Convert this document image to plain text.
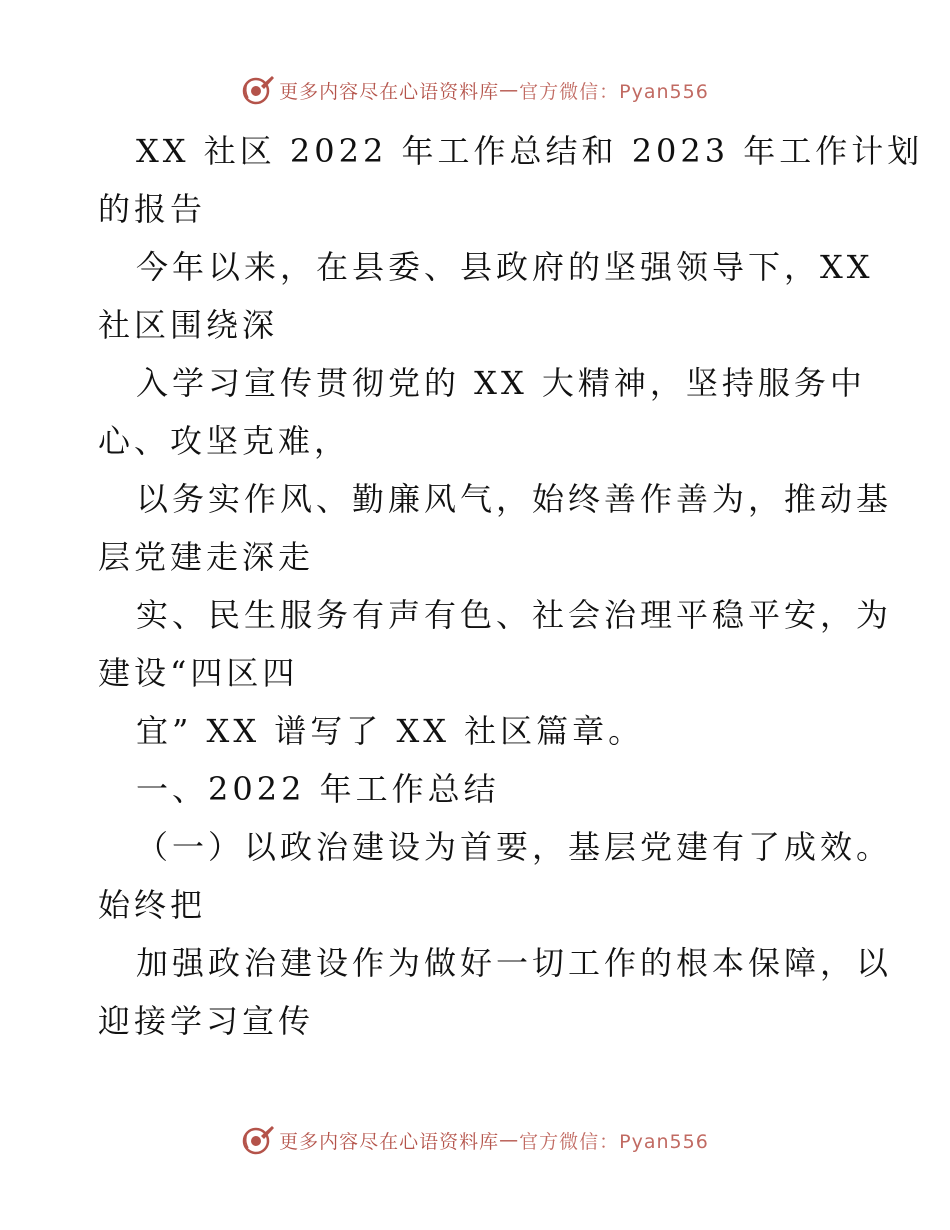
更多内容尽在心语资料库 — 官方微信：Pyan556
XX 社区 2022 年工作总结和 2023 年工作计划
的报告
今年以来，在县委、县政府的坚强领导下，XX
社区围绕深
入学习宣传贯彻党的 XX 大精神，坚持服务中
心、攻坚克难，
以务实作风、勤廉风气，始终善作善为，推动基
层党建走深走
实、民生服务有声有色、社会治理平稳平安，为
建设“四区四
宜” XX 谱写了 XX 社区篇章。
一、2022 年工作总结
（一）以政治建设为首要，基层党建有了成效。
始终把
加强政治建设作为做好一切工作的根本保障，以
迎接学习宣传
更多内容尽在心语资料库 — 官方微信：Pyan556
